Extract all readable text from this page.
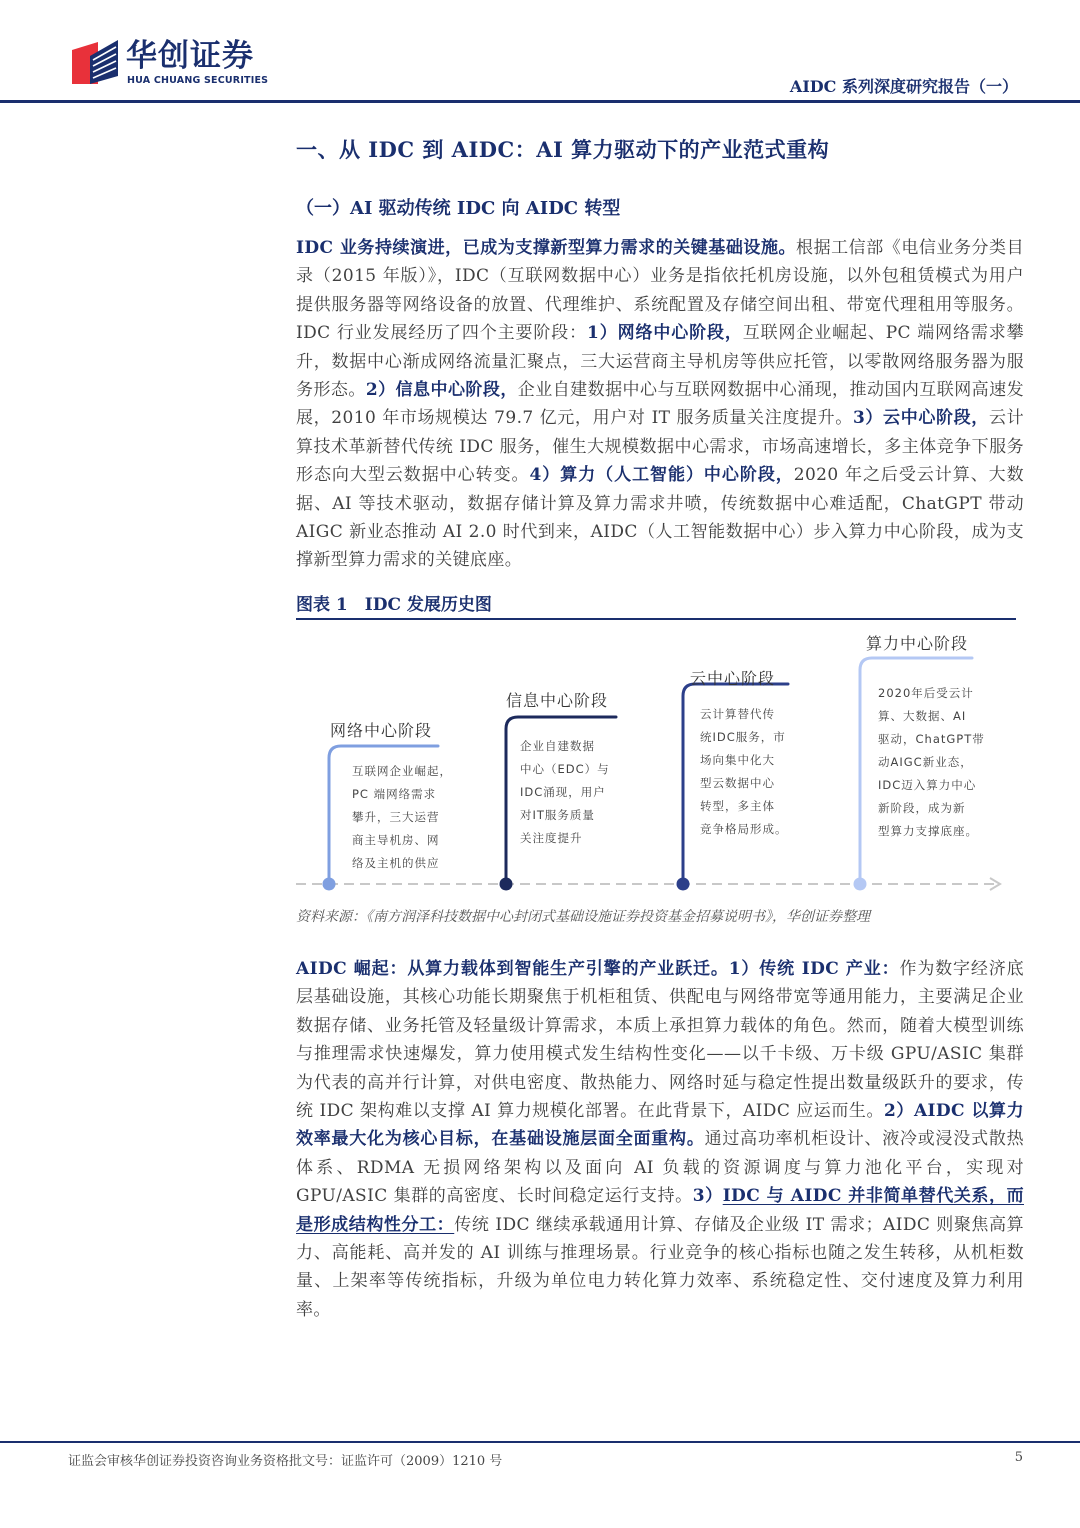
华创证券
HUA CHUANG SECURITIES	AIDC 系列深度研究报告（一）
一、从 IDC 到 AIDC：AI 算力驱动下的产业范式重构
（一）AI 驱动传统 IDC 向 AIDC 转型

IDC 业务持续演进，已成为支撑新型算力需求的关键基础设施。根据工信部《电信业务分类目录（2015 年版）》，IDC（互联网数据中心）业务是指依托机房设施，以外包租赁模式为用户提供服务器等网络设备的放置、代理维护、系统配置及存储空间出租、带宽代理租用等服务。IDC 行业发展经历了四个主要阶段：1）网络中心阶段，互联网企业崛起、PC 端网络需求攀升，数据中心渐成网络流量汇聚点，三大运营商主导机房等供应托管，以零散网络服务器为服务形态。2）信息中心阶段，企业自建数据中心与互联网数据中心涌现，推动国内互联网高速发展，2010 年市场规模达 79.7 亿元，用户对 IT 服务质量关注度提升。3）云中心阶段，云计算技术革新替代传统 IDC 服务，催生大规模数据中心需求，市场高速增长，多主体竞争下服务形态向大型云数据中心转变。4）算力（人工智能）中心阶段，2020 年之后受云计算、大数据、AI 等技术驱动，数据存储计算及算力需求井喷，传统数据中心难适配，ChatGPT 带动 AIGC 新业态推动 AI 2.0 时代到来，AIDC（人工智能数据中心）步入算力中心阶段，成为支撑新型算力需求的关键底座。

图表 1　IDC 发展历史图
网络中心阶段
互联网企业崛起，
PC 端网络需求
攀升，三大运营
商主导机房、网
络及主机的供应
信息中心阶段
企业自建数据
中心（EDC）与
IDC涌现，用户
对IT服务质量
关注度提升
云中心阶段
云计算替代传
统IDC服务，市
场向集中化大
型云数据中心
转型，多主体
竞争格局形成。
算力中心阶段
2020年后受云计
算、大数据、AI
驱动，ChatGPT带
动AIGC新业态，
IDC迈入算力中心
新阶段，成为新
型算力支撑底座。
资料来源：《南方润泽科技数据中心封闭式基础设施证券投资基金招募说明书》，华创证券整理

AIDC 崛起：从算力载体到智能生产引擎的产业跃迁。1）传统 IDC 产业：作为数字经济底层基础设施，其核心功能长期聚焦于机柜租赁、供配电与网络带宽等通用能力，主要满足企业数据存储、业务托管及轻量级计算需求，本质上承担算力载体的角色。然而，随着大模型训练与推理需求快速爆发，算力使用模式发生结构性变化——以千卡级、万卡级 GPU/ASIC 集群为代表的高并行计算，对供电密度、散热能力、网络时延与稳定性提出数量级跃升的要求，传统 IDC 架构难以支撑 AI 算力规模化部署。在此背景下，AIDC 应运而生。2）AIDC 以算力效率最大化为核心目标，在基础设施层面全面重构。通过高功率机柜设计、液冷或浸没式散热体系、RDMA 无损网络架构以及面向 AI 负载的资源调度与算力池化平台，实现对 GPU/ASIC 集群的高密度、长时间稳定运行支持。3）IDC 与 AIDC 并非简单替代关系，而是形成结构性分工：传统 IDC 继续承载通用计算、存储及企业级 IT 需求；AIDC 则聚焦高算力、高能耗、高并发的 AI 训练与推理场景。行业竞争的核心指标也随之发生转移，从机柜数量、上架率等传统指标，升级为单位电力转化算力效率、系统稳定性、交付速度及算力利用率。

证监会审核华创证券投资咨询业务资格批文号：证监许可（2009）1210 号	5
